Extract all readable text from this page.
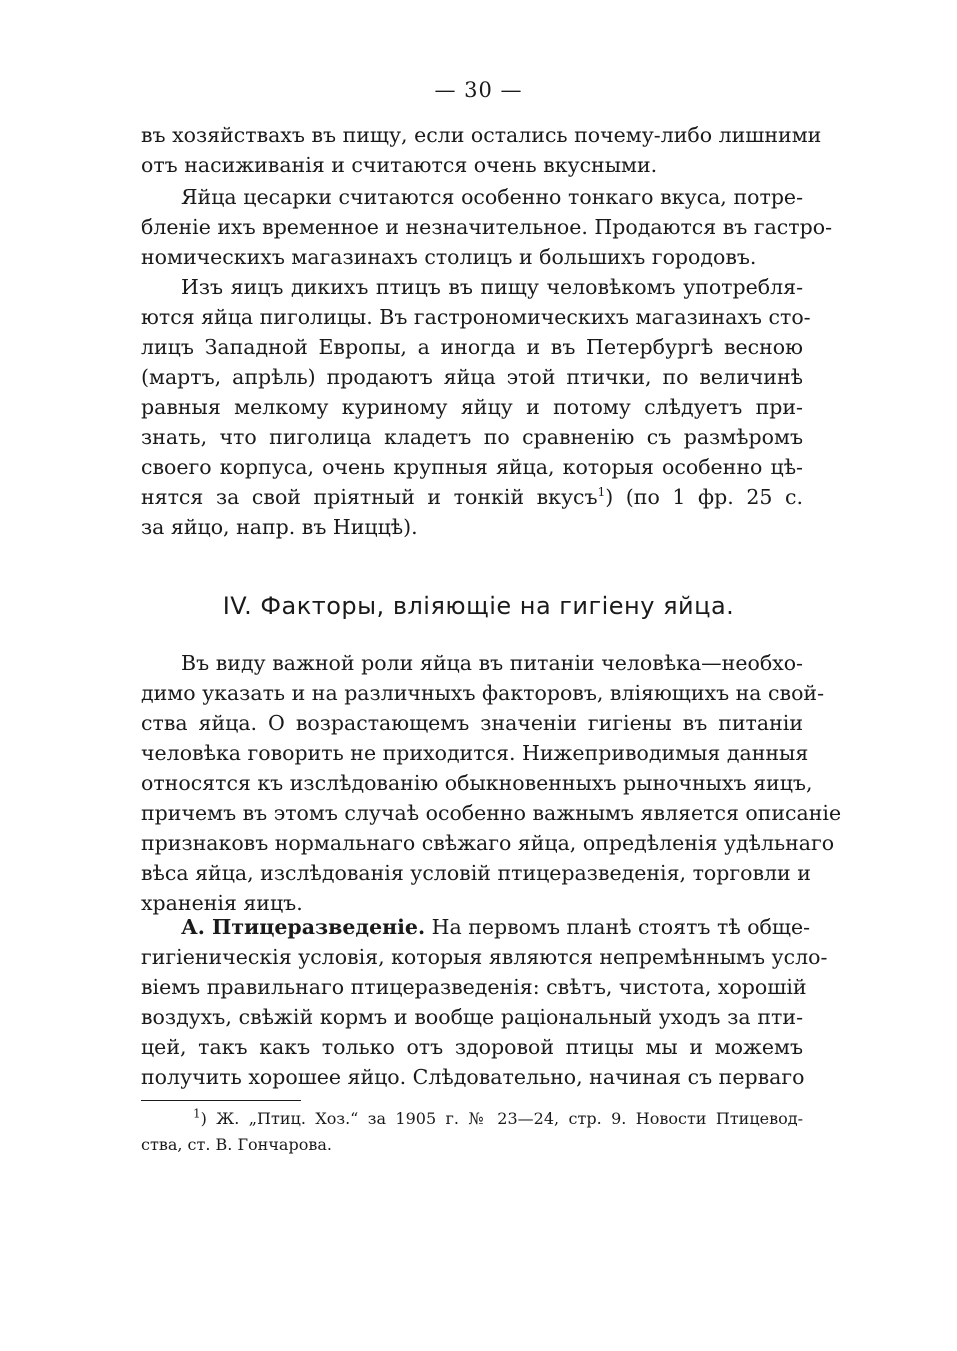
— 30 —
въ хозяйствахъ въ пищу, если остались почему-либо лишними
отъ насиживанія и считаются очень вкусными.
Яйца цесарки считаются особенно тонкаго вкуса, потре-
бленіе ихъ временное и незначительное. Продаются въ гастро-
номическихъ магазинахъ столицъ и большихъ городовъ.
Изъ яицъ дикихъ птицъ въ пищу человѣкомъ употребля-
ются яйца пиголицы. Въ гастрономическихъ магазинахъ сто-
лицъ Западной Европы, а иногда и въ Петербургѣ весною
(мартъ, апрѣль) продаютъ яйца этой птички, по величинѣ
равныя мелкому куриному яйцу и потому слѣдуетъ при-
знать, что пиголица кладетъ по сравненію съ размѣромъ
своего корпуса, очень крупныя яйца, которыя особенно цѣ-
нятся за свой пріятный и тонкій вкусъ$^1$) (по 1 фр. 25 с.
за яйцо, напр. въ Ниццѣ).
IV. Факторы, вліяющіе на гигіену яйца.
Въ виду важной роли яйца въ питаніи человѣка—необхо-
димо указать и на различныхъ факторовъ, вліяющихъ на свой-
ства яйца. О возрастающемъ значеніи гигіены въ питаніи
человѣка говорить не приходится. Нижеприводимыя данныя
относятся къ изслѣдованію обыкновенныхъ рыночныхъ яицъ,
причемъ въ этомъ случаѣ особенно важнымъ является описаніе
признаковъ нормальнаго свѣжаго яйца, опредѣленія удѣльнаго
вѣса яйца, изслѣдованія условій птицеразведенія, торговли и
храненія яицъ.
А. Птицеразведеніе. На первомъ планѣ стоятъ тѣ обще-
гигіеническія условія, которыя являются непремѣннымъ усло-
віемъ правильнаго птицеразведенія: свѣтъ, чистота, хорошій
воздухъ, свѣжій кормъ и вообще раціональный уходъ за пти-
цей, такъ какъ только отъ здоровой птицы мы и можемъ
получить хорошее яйцо. Слѣдовательно, начиная съ перваго
$^1$) Ж. „Птиц. Хоз.“ за 1905 г. № 23—24, стр. 9. Новости Птицевод-
ства, ст. В. Гончарова.
